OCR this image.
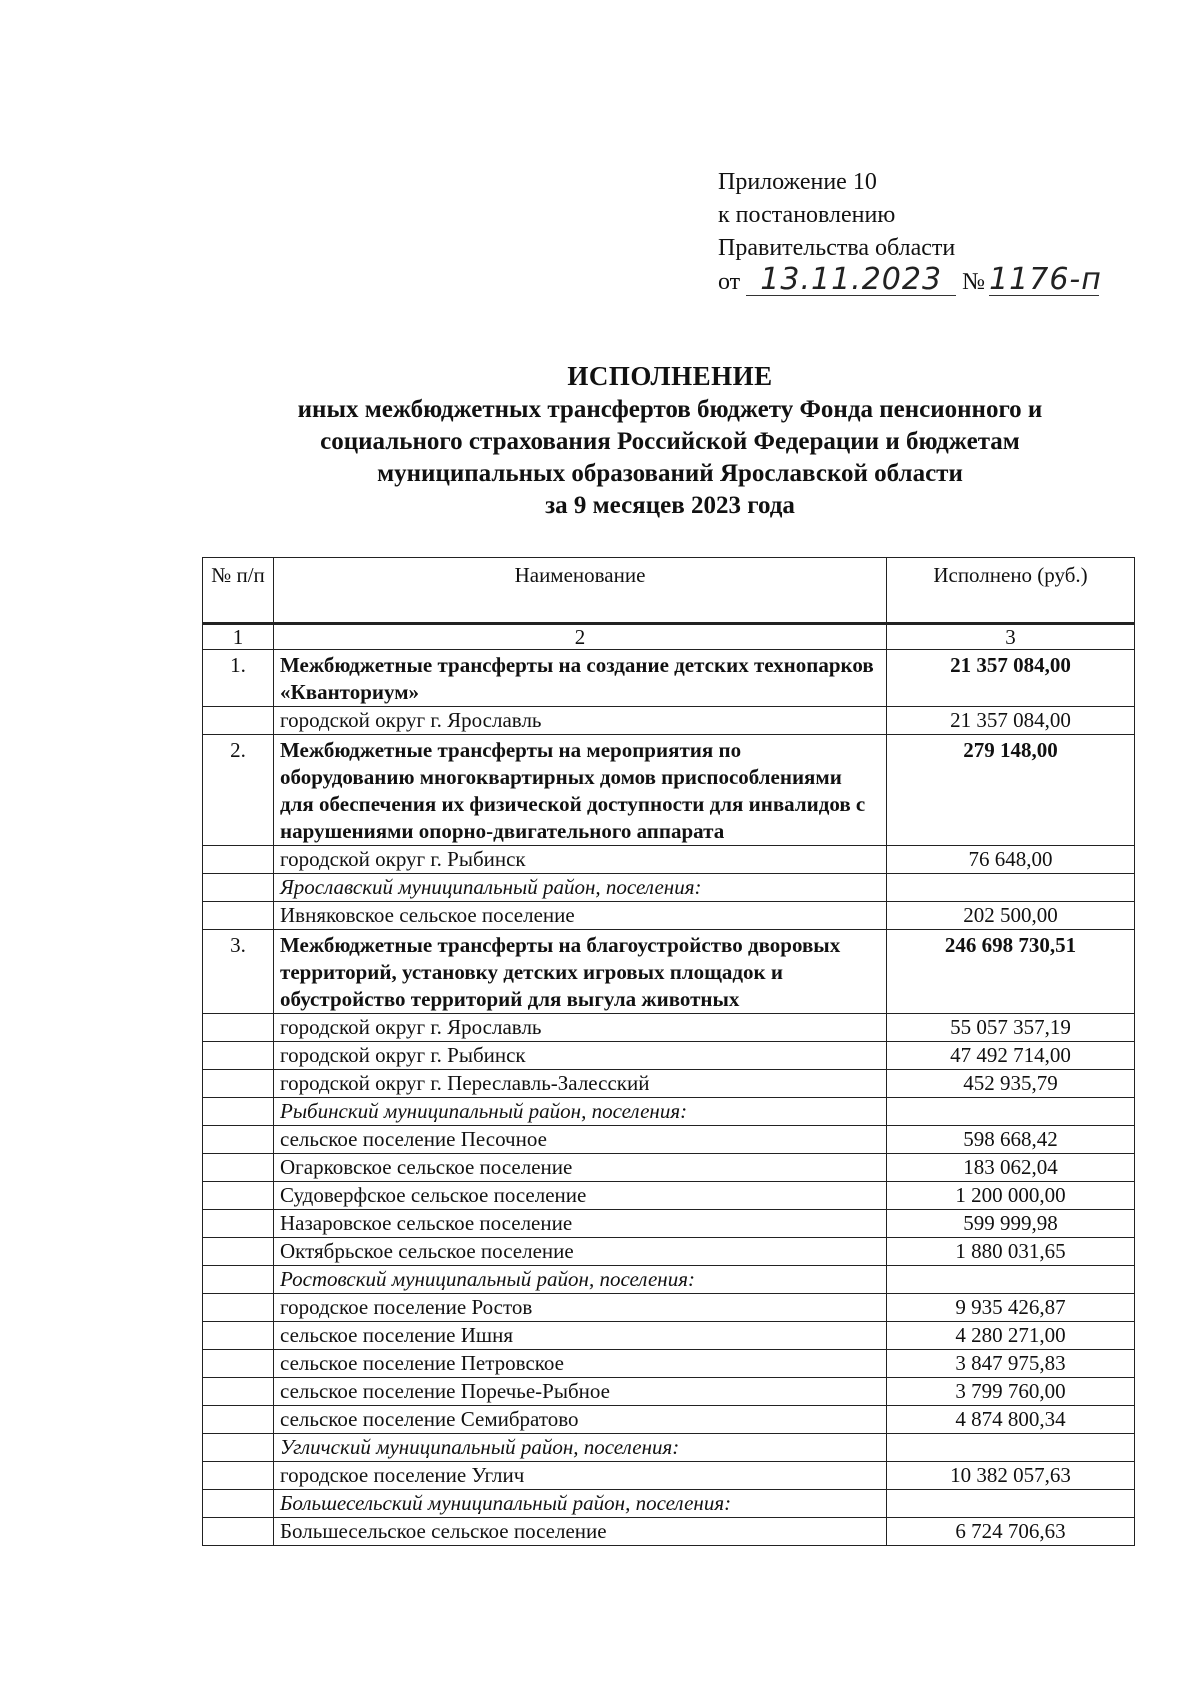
Приложение 10
к постановлению
Правительства области
от 13.11.2023 № 1176-п
ИСПОЛНЕНИЕ
иных межбюджетных трансфертов бюджету Фонда пенсионного и
социального страхования Российской Федерации и бюджетам
муниципальных образований Ярославской области
за 9 месяцев 2023 года
№ п/п	Наименование	Исполнено (руб.)
1	2	3
1.	Межбюджетные трансферты на создание детских технопарков «Кванториум»	21 357 084,00
	городской округ г. Ярославль	21 357 084,00
2.	Межбюджетные трансферты на мероприятия по оборудованию многоквартирных домов приспособлениями для обеспечения их физической доступности для инвалидов с нарушениями опорно-двигательного аппарата	279 148,00
	городской округ г. Рыбинск	76 648,00
	Ярославский муниципальный район, поселения:	
	Ивняковское сельское поселение	202 500,00
3.	Межбюджетные трансферты на благоустройство дворовых территорий, установку детских игровых площадок и обустройство территорий для выгула животных	246 698 730,51
	городской округ г. Ярославль	55 057 357,19
	городской округ г. Рыбинск	47 492 714,00
	городской округ г. Переславль-Залесский	452 935,79
	Рыбинский муниципальный район, поселения:	
	сельское поселение Песочное	598 668,42
	Огарковское сельское поселение	183 062,04
	Судоверфское сельское поселение	1 200 000,00
	Назаровское сельское поселение	599 999,98
	Октябрьское сельское поселение	1 880 031,65
	Ростовский муниципальный район, поселения:	
	городское поселение Ростов	9 935 426,87
	сельское поселение Ишня	4 280 271,00
	сельское поселение Петровское	3 847 975,83
	сельское поселение Поречье-Рыбное	3 799 760,00
	сельское поселение Семибратово	4 874 800,34
	Угличский муниципальный район, поселения:	
	городское поселение Углич	10 382 057,63
	Большесельский муниципальный район, поселения:	
	Большесельское сельское поселение	6 724 706,63
